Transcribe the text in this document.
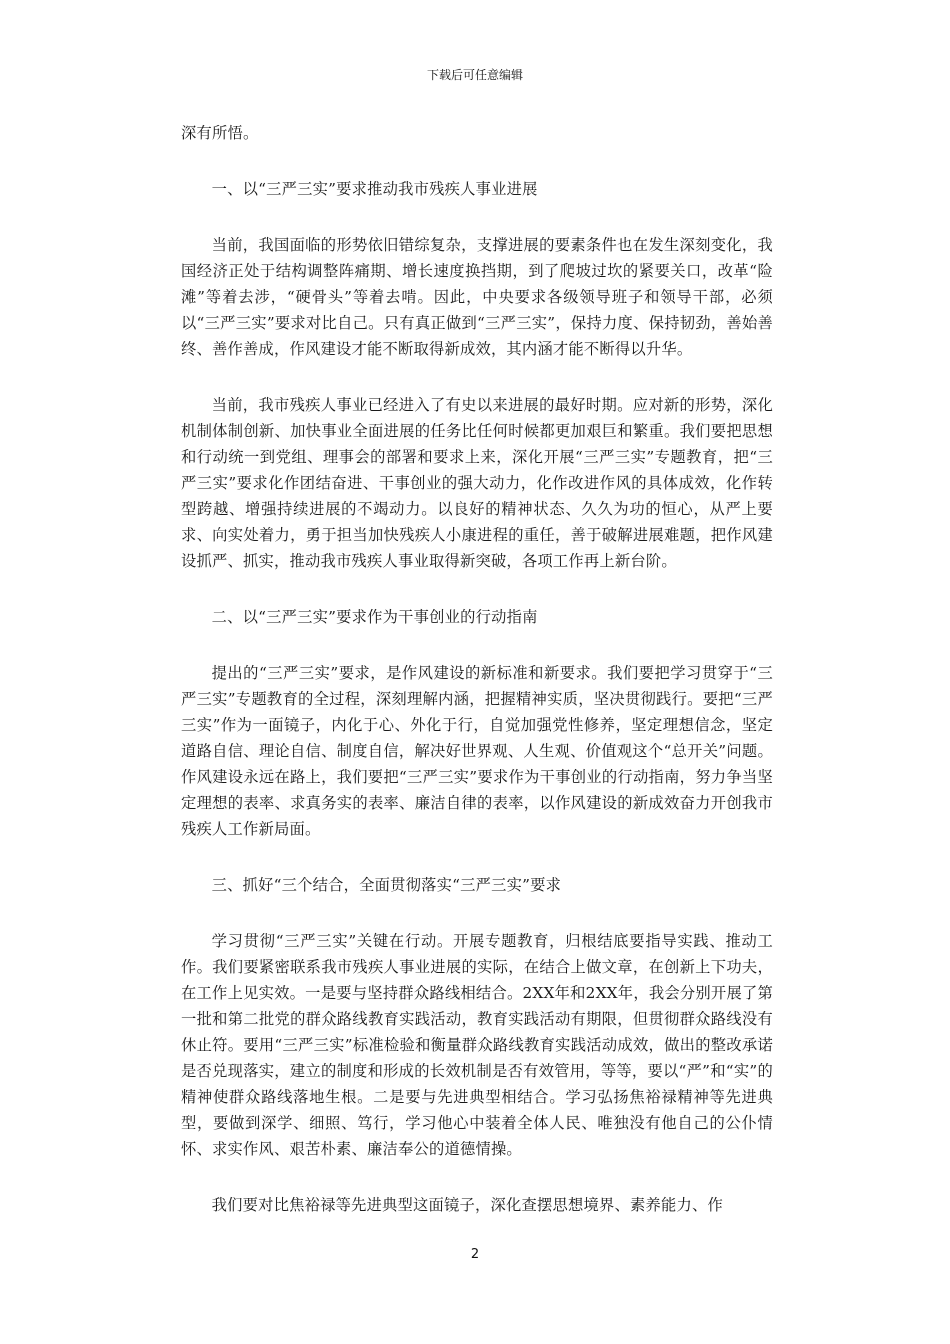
下载后可任意编辑

深有所悟。

一、以“三严三实”要求推动我市残疾人事业进展

当前，我国面临的形势依旧错综复杂，支撑进展的要素条件也在发生深刻变化，我国经济正处于结构调整阵痛期、增长速度换挡期，到了爬坡过坎的紧要关口，改革“险滩”等着去涉，“硬骨头”等着去啃。因此，中央要求各级领导班子和领导干部，必须以“三严三实”要求对比自己。只有真正做到“三严三实”，保持力度、保持韧劲，善始善终、善作善成，作风建设才能不断取得新成效，其内涵才能不断得以升华。

当前，我市残疾人事业已经进入了有史以来进展的最好时期。应对新的形势，深化机制体制创新、加快事业全面进展的任务比任何时候都更加艰巨和繁重。我们要把思想和行动统一到党组、理事会的部署和要求上来，深化开展“三严三实”专题教育，把“三严三实”要求化作团结奋进、干事创业的强大动力，化作改进作风的具体成效，化作转型跨越、增强持续进展的不竭动力。以良好的精神状态、久久为功的恒心，从严上要求、向实处着力，勇于担当加快残疾人小康进程的重任，善于破解进展难题，把作风建设抓严、抓实，推动我市残疾人事业取得新突破，各项工作再上新台阶。

二、以“三严三实”要求作为干事创业的行动指南

提出的“三严三实”要求，是作风建设的新标准和新要求。我们要把学习贯穿于“三严三实”专题教育的全过程，深刻理解内涵，把握精神实质，坚决贯彻践行。要把“三严三实”作为一面镜子，内化于心、外化于行，自觉加强党性修养，坚定理想信念，坚定道路自信、理论自信、制度自信，解决好世界观、人生观、价值观这个“总开关”问题。作风建设永远在路上，我们要把“三严三实”要求作为干事创业的行动指南，努力争当坚定理想的表率、求真务实的表率、廉洁自律的表率，以作风建设的新成效奋力开创我市残疾人工作新局面。

三、抓好“三个结合，全面贯彻落实“三严三实”要求

学习贯彻“三严三实”关键在行动。开展专题教育，归根结底要指导实践、推动工作。我们要紧密联系我市残疾人事业进展的实际，在结合上做文章，在创新上下功夫，在工作上见实效。一是要与坚持群众路线相结合。2XX年和2XX年，我会分别开展了第一批和第二批党的群众路线教育实践活动，教育实践活动有期限，但贯彻群众路线没有休止符。要用“三严三实”标准检验和衡量群众路线教育实践活动成效，做出的整改承诺是否兑现落实，建立的制度和形成的长效机制是否有效管用，等等，要以“严”和“实”的精神使群众路线落地生根。二是要与先进典型相结合。学习弘扬焦裕禄精神等先进典型，要做到深学、细照、笃行，学习他心中装着全体人民、唯独没有他自己的公仆情怀、求实作风、艰苦朴素、廉洁奉公的道德情操。

我们要对比焦裕禄等先进典型这面镜子，深化查摆思想境界、素养能力、作

2
